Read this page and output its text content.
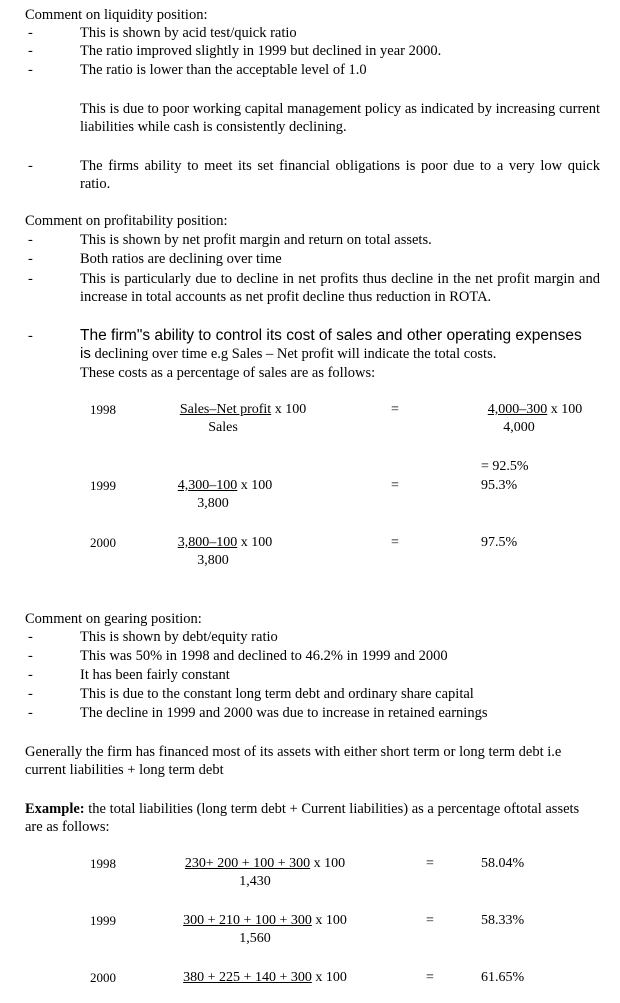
Comment on liquidity position:
-	This is shown by acid test/quick ratio
-	The ratio improved slightly in 1999 but declined in year 2000.
-	The ratio is lower than the acceptable level of 1.0
This is due to poor working capital management policy as indicated by increasing current liabilities while cash is consistently declining.
-	The firms ability to meet its set financial obligations is poor due to a very low quick ratio.
Comment on profitability position:
-	This is shown by net profit margin and return on total assets.
-	Both ratios are declining over time
-	This is particularly due to decline in net profits thus decline in the net profit margin and increase in total accounts as net profit decline thus reduction in ROTA.
-	The firm"s ability to control its cost of sales and other operating expenses
is declining over time e.g Sales – Net profit will indicate the total costs.
These costs as a percentage of sales are as follows:
1998	Sales–Net profit x 100
Sales
=	4,000–300 x 100
4,000
= 92.5%
1999	4,300–100 x 100
3,800
=	95.3%
2000	3,800–100 x 100
3,800
=	97.5%
Comment on gearing position:
-	This is shown by debt/equity ratio
-	This was 50% in 1998 and declined to 46.2% in 1999 and 2000
-	It has been fairly constant
-	This is due to the constant long term debt and ordinary share capital
-	The decline in 1999 and 2000 was due to increase in retained earnings
Generally the firm has financed most of its assets with either short term or long term debt i.e current liabilities + long term debt
Example: the total liabilities (long term debt + Current liabilities) as a percentage oftotal assets are as follows:
1998	230+ 200 + 100 + 300 x 100
1,430
=	58.04%
1999	300 + 210 + 100 + 300 x 100
1,560
=	58.33%
2000	380 + 225 + 140 + 300 x 100	=	61.65%
